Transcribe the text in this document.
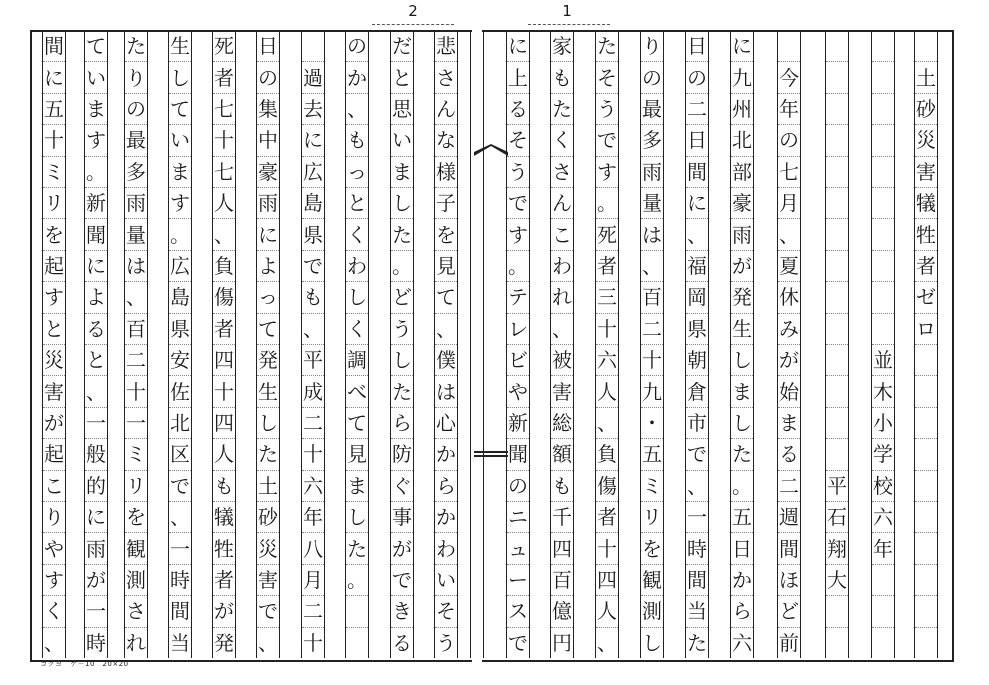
2	1
コクヨ　ケ－10　20×20
土
砂
災
害
犠
牲
者
ゼ
ロ
並
木
小
学
校
六
年
平
石
翔
大
今
年
の
七
月
、
夏
休
み
が
始
ま
る
二
週
間
ほ
ど
前
に
九
州
北
部
豪
雨
が
発
生
し
ま
し
た
。
五
日
か
ら
六
日
の
二
日
間
に
、
福
岡
県
朝
倉
市
で
、
一
時
間
当
た
り
の
最
多
雨
量
は
、
百
二
十
九
・
五
ミ
リ
を
観
測
し
た
そ
う
で
す
。
死
者
三
十
六
人
、
負
傷
者
十
四
人
、
家
も
た
く
さ
ん
こ
わ
れ
、
被
害
総
額
も
千
四
百
億
円
に
上
る
そ
う
で
す
。
テ
レ
ビ
や
新
聞
の
ニ
ュ
ー
ス
で
悲
さ
ん
な
様
子
を
見
て
、
僕
は
心
か
ら
か
わ
い
そ
う
だ
と
思
い
ま
し
た
。
ど
う
し
た
ら
防
ぐ
事
が
で
き
る
の
か
、
も
っ
と
く
わ
し
く
調
べ
て
見
ま
し
た
。
過
去
に
広
島
県
で
も
、
平
成
二
十
六
年
八
月
二
十
日
の
集
中
豪
雨
に
よ
っ
て
発
生
し
た
土
砂
災
害
で
、
死
者
七
十
七
人
、
負
傷
者
四
十
四
人
も
犠
牲
者
が
発
生
し
て
い
ま
す
。
広
島
県
安
佐
北
区
で
、
一
時
間
当
た
り
の
最
多
雨
量
は
、
百
二
十
一
ミ
リ
を
観
測
さ
れ
て
い
ま
す
。
新
聞
に
よ
る
と
、
一
般
的
に
雨
が
一
時
間
に
五
十
ミ
リ
を
起
す
と
災
害
が
起
こ
り
や
す
く
、
